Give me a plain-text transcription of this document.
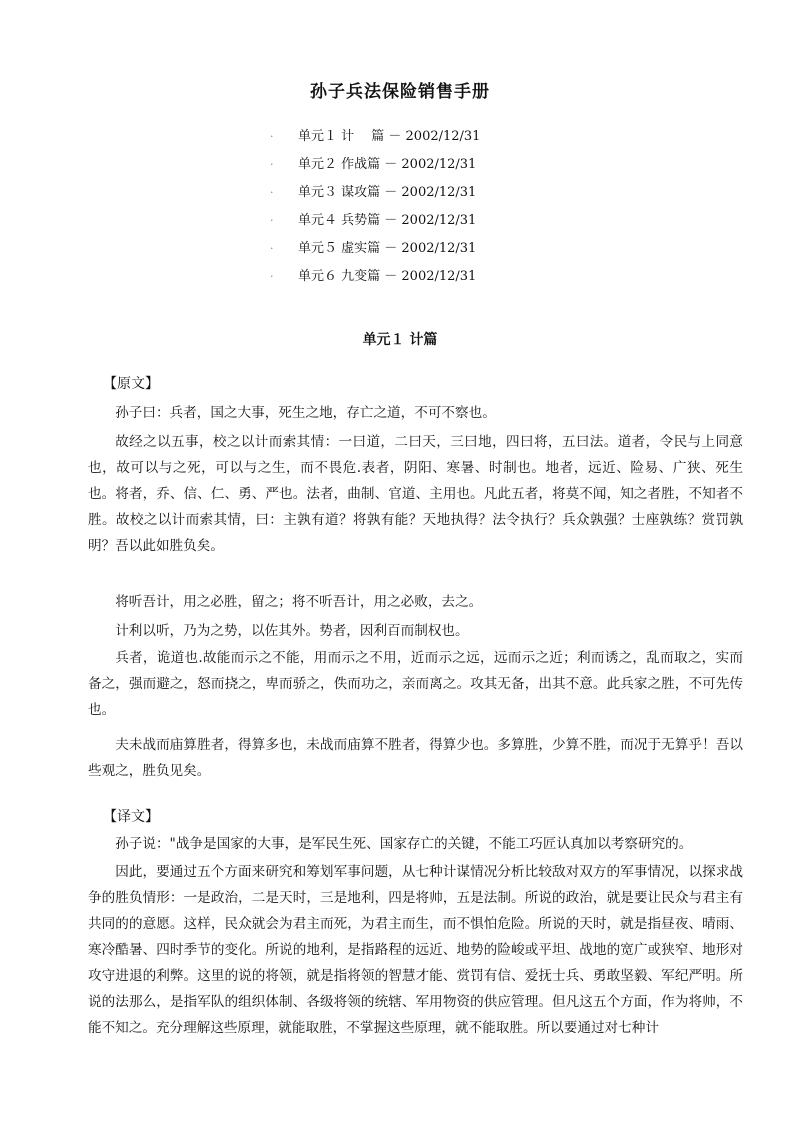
孙子兵法保险销售手册
·	单元１ 计　 篇 － 2002/12/31
·	单元２ 作战篇 － 2002/12/31
·	单元３ 谋攻篇 － 2002/12/31
·	单元４ 兵势篇 － 2002/12/31
·	单元５ 虚实篇 － 2002/12/31
·	单元６ 九变篇 － 2002/12/31
单元１ 计篇
【原文】

孙子曰：兵者，国之大事，死生之地，存亡之道，不可不察也。

故经之以五事，校之以计而索其情：一曰道，二曰天，三曰地，四曰将，五曰法。道者，令民与上同意也，故可以与之死，可以与之生，而不畏危.表者，阴阳、寒暑、时制也。地者，远近、险易、广狭、死生也。将者，乔、信、仁、勇、严也。法者，曲制、官道、主用也。凡此五者，将莫不闻，知之者胜，不知者不胜。故校之以计而索其情，曰：主孰有道？将孰有能？天地执得？法令执行？兵众孰强？士座孰练？赏罚孰明？吾以此如胜负矣。

将听吾计，用之必胜，留之；将不听吾计，用之必败，去之。

计利以听，乃为之势，以佐其外。势者，因利百而制权也。

兵者，诡道也.故能而示之不能，用而示之不用，近而示之远，远而示之近；利而诱之，乱而取之，实而备之，强而避之，怒而挠之，卑而骄之，佚而功之，亲而离之。攻其无备，出其不意。此兵家之胜，不可先传也。

夫未战而庙算胜者，得算多也，未战而庙算不胜者，得算少也。多算胜，少算不胜，而况于无算乎！吾以些观之，胜负见矣。

【译文】

孙子说："战争是国家的大事，是军民生死、国家存亡的关键，不能工巧匠认真加以考察研究的。

因此，要通过五个方面来研究和筹划军事问题，从七种计谋情况分析比较敌对双方的军事情况，以探求战争的胜负情形：一是政治，二是天时，三是地利，四是将帅，五是法制。所说的政治，就是要让民众与君主有共同的的意愿。这样，民众就会为君主而死，为君主而生，而不惧怕危险。所说的天时，就是指昼夜、晴雨、寒冷酷暑、四时季节的变化。所说的地利，是指路程的远近、地势的险峻或平坦、战地的宽广或狭窄、地形对攻守进退的利弊。这里的说的将领，就是指将领的智慧才能、赏罚有信、爱抚士兵、勇敢坚毅、军纪严明。所说的法那么，是指军队的组织体制、各级将领的统辖、军用物资的供应管理。但凡这五个方面，作为将帅，不能不知之。充分理解这些原理，就能取胜，不掌握这些原理，就不能取胜。所以要通过对七种计
